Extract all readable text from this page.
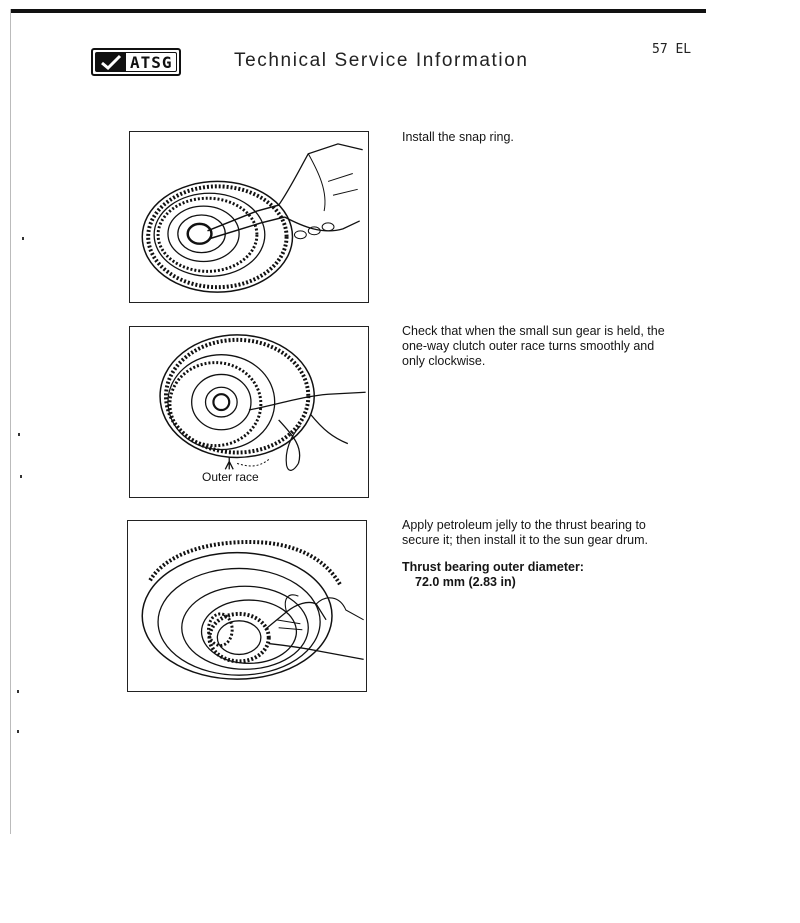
ATSG	Technical Service Information
57 EL
Install the snap ring.
Outer race
Check that when the small sun gear is held, the one-way clutch outer race turns smoothly and only clockwise.
Apply petroleum jelly to the thrust bearing to secure it; then install it to the sun gear drum.
Thrust bearing outer diameter:
72.0 mm (2.83 in)
